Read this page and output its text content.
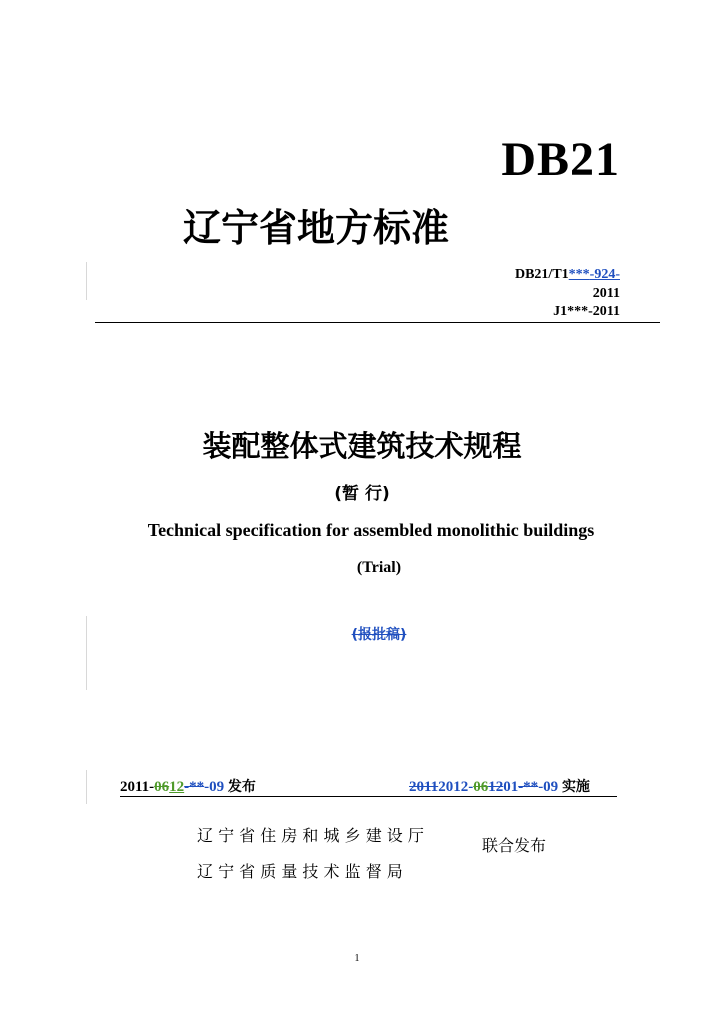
DB21
辽宁省地方标准
DB21/T1***-924-
2011
J1***-2011
装配整体式建筑技术规程
(暂 行)
Technical specification for assembled monolithic buildings
(Trial)
(报批稿)
2011-0612-**-09 发布	20112012-061201-**-09 实施
辽 宁 省 住 房 和 城 乡 建 设 厅
辽 宁 省 质 量 技 术 监 督 局
联合发布
1
